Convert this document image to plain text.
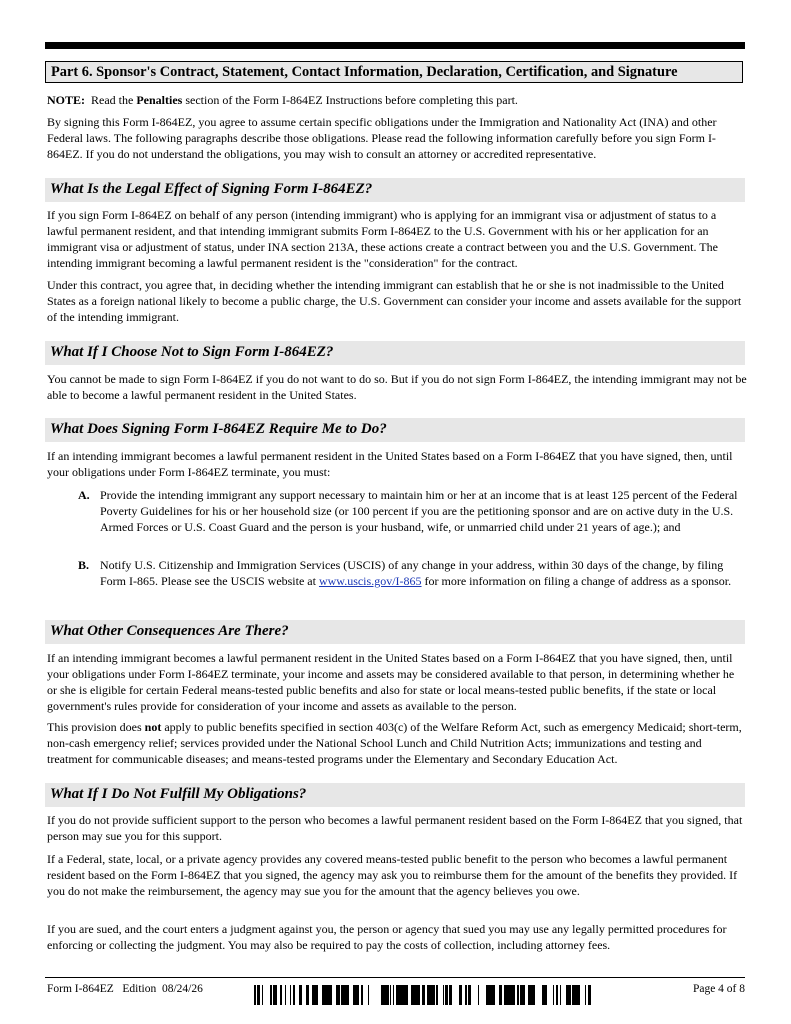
Part 6. Sponsor's Contract, Statement, Contact Information, Declaration, Certification, and Signature

NOTE:  Read the Penalties section of the Form I-864EZ Instructions before completing this part.

By signing this Form I-864EZ, you agree to assume certain specific obligations under the Immigration and Nationality Act (INA) and other Federal laws. The following paragraphs describe those obligations. Please read the following information carefully before you sign Form I-864EZ. If you do not understand the obligations, you may wish to consult an attorney or accredited representative.

What Is the Legal Effect of Signing Form I-864EZ?

If you sign Form I-864EZ on behalf of any person (intending immigrant) who is applying for an immigrant visa or adjustment of status to a lawful permanent resident, and that intending immigrant submits Form I-864EZ to the U.S. Government with his or her application for an immigrant visa or adjustment of status, under INA section 213A, these actions create a contract between you and the U.S. Government. The intending immigrant becoming a lawful permanent resident is the "consideration" for the contract.

Under this contract, you agree that, in deciding whether the intending immigrant can establish that he or she is not inadmissible to the United States as a foreign national likely to become a public charge, the U.S. Government can consider your income and assets available for the support of the intending immigrant.

What If I Choose Not to Sign Form I-864EZ?

You cannot be made to sign Form I-864EZ if you do not want to do so. But if you do not sign Form I-864EZ, the intending immigrant may not be able to become a lawful permanent resident in the United States.

What Does Signing Form I-864EZ Require Me to Do?

If an intending immigrant becomes a lawful permanent resident in the United States based on a Form I-864EZ that you have signed, then, until your obligations under Form I-864EZ terminate, you must:

A. Provide the intending immigrant any support necessary to maintain him or her at an income that is at least 125 percent of the Federal Poverty Guidelines for his or her household size (or 100 percent if you are the petitioning sponsor and are on active duty in the U.S. Armed Forces or U.S. Coast Guard and the person is your husband, wife, or unmarried child under 21 years of age.); and
B. Notify U.S. Citizenship and Immigration Services (USCIS) of any change in your address, within 30 days of the change, by filing Form I-865. Please see the USCIS website at www.uscis.gov/I-865 for more information on filing a change of address as a sponsor.
What Other Consequences Are There?

If an intending immigrant becomes a lawful permanent resident in the United States based on a Form I-864EZ that you have signed, then, until your obligations under Form I-864EZ terminate, your income and assets may be considered available to that person, in determining whether he or she is eligible for certain Federal means-tested public benefits and also for state or local means-tested public benefits, if the state or local government's rules provide for consideration of your income and assets as available to the person.

This provision does not apply to public benefits specified in section 403(c) of the Welfare Reform Act, such as emergency Medicaid; short-term, non-cash emergency relief; services provided under the National School Lunch and Child Nutrition Acts; immunizations and testing and treatment for communicable diseases; and means-tested programs under the Elementary and Secondary Education Act.

What If I Do Not Fulfill My Obligations?

If you do not provide sufficient support to the person who becomes a lawful permanent resident based on the Form I-864EZ that you signed, that person may sue you for this support.

If a Federal, state, local, or a private agency provides any covered means-tested public benefit to the person who becomes a lawful permanent resident based on the Form I-864EZ that you signed, the agency may ask you to reimburse them for the amount of the benefits they provided. If you do not make the reimbursement, the agency may sue you for the amount that the agency believes you owe.

If you are sued, and the court enters a judgment against you, the person or agency that sued you may use any legally permitted procedures for enforcing or collecting the judgment. You may also be required to pay the costs of collection, including attorney fees.

Form I-864EZ   Edition  08/24/26	Page 4 of 8
